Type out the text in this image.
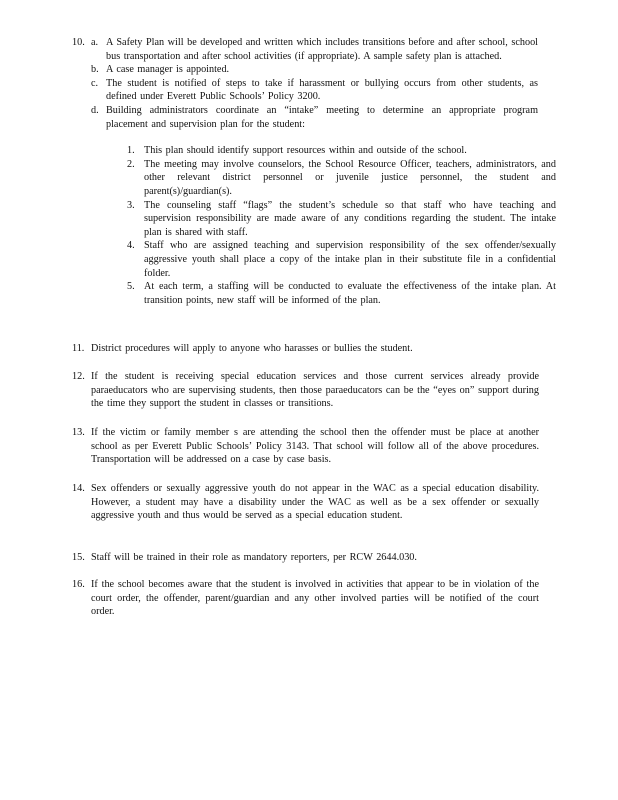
10. a. A Safety Plan will be developed and written which includes transitions before and after school, school bus transportation and after school activities (if appropriate). A sample safety plan is attached.
b. A case manager is appointed.
c. The student is notified of steps to take if harassment or bullying occurs from other students, as defined under Everett Public Schools’ Policy 3200.
d. Building administrators coordinate an “intake” meeting to determine an appropriate program placement and supervision plan for the student:
1. This plan should identify support resources within and outside of the school.
2. The meeting may involve counselors, the School Resource Officer, teachers, administrators, and other relevant district personnel or juvenile justice personnel, the student and parent(s)/guardian(s).
3. The counseling staff “flags” the student’s schedule so that staff who have teaching and supervision responsibility are made aware of any conditions regarding the student. The intake plan is shared with staff.
4. Staff who are assigned teaching and supervision responsibility of the sex offender/sexually aggressive youth shall place a copy of the intake plan in their substitute file in a confidential folder.
5. At each term, a staffing will be conducted to evaluate the effectiveness of the intake plan. At transition points, new staff will be informed of the plan.
11. District procedures will apply to anyone who harasses or bullies the student.
12. If the student is receiving special education services and those current services already provide paraeducators who are supervising students, then those paraeducators can be the “eyes on” support during the time they support the student in classes or transitions.
13. If the victim or family member s are attending the school then the offender must be place at another school as per Everett Public Schools’ Policy 3143. That school will follow all of the above procedures. Transportation will be addressed on a case by case basis.
14. Sex offenders or sexually aggressive youth do not appear in the WAC as a special education disability. However, a student may have a disability under the WAC as well as be a sex offender or sexually aggressive youth and thus would be served as a special education student.
15. Staff will be trained in their role as mandatory reporters, per RCW 2644.030.
16. If the school becomes aware that the student is involved in activities that appear to be in violation of the court order, the offender, parent/guardian and any other involved parties will be notified of the court order.
